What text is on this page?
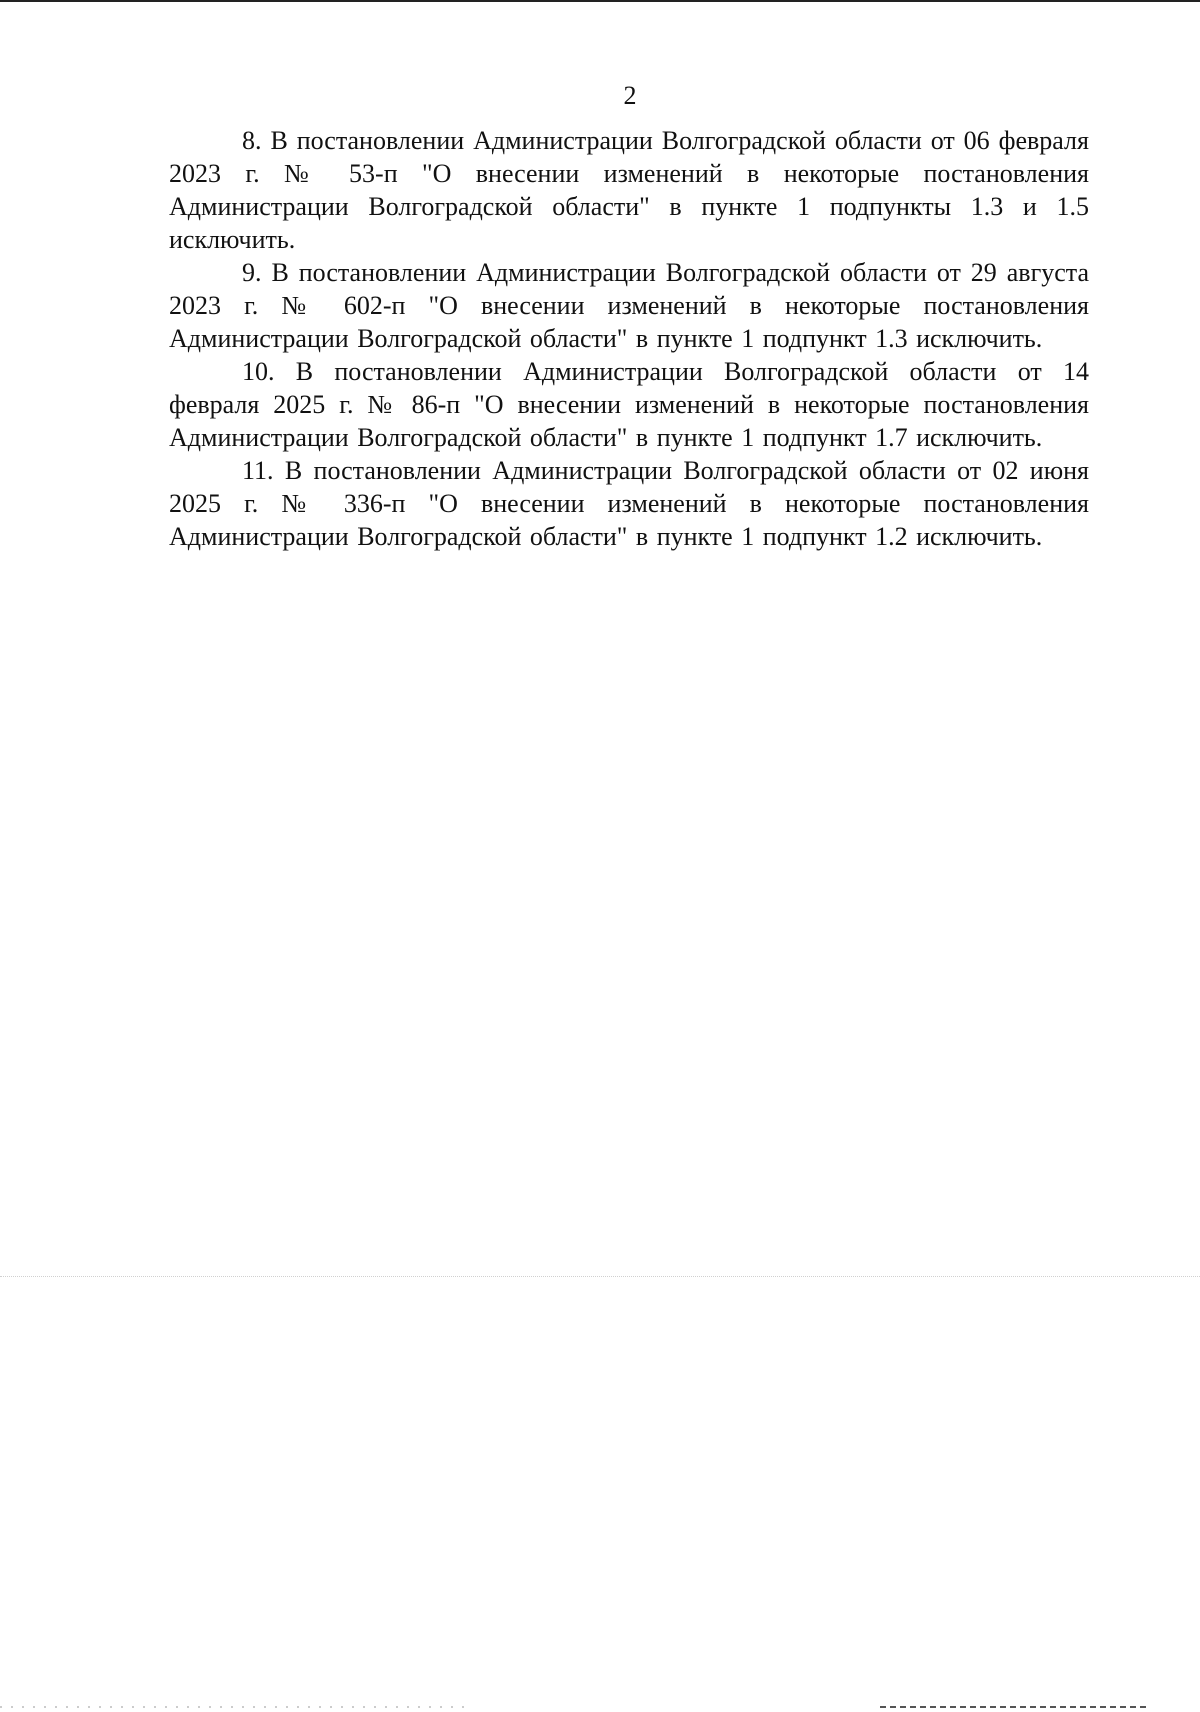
2

8. В постановлении Администрации Волгоградской области от 06 февраля 2023 г. № 53-п "О внесении изменений в некоторые постановления Администрации Волгоградской области" в пункте 1 подпункты 1.3 и 1.5 исключить.

9. В постановлении Администрации Волгоградской области от 29 августа 2023 г. № 602-п "О внесении изменений в некоторые постановления Администрации Волгоградской области" в пункте 1 подпункт 1.3 исключить.

10. В постановлении Администрации Волгоградской области от 14 февраля 2025 г. № 86-п "О внесении изменений в некоторые постановления Администрации Волгоградской области" в пункте 1 подпункт 1.7 исключить.

11. В постановлении Администрации Волгоградской области от 02 июня 2025 г. № 336-п "О внесении изменений в некоторые постановления Администрации Волгоградской области" в пункте 1 подпункт 1.2 исключить.
